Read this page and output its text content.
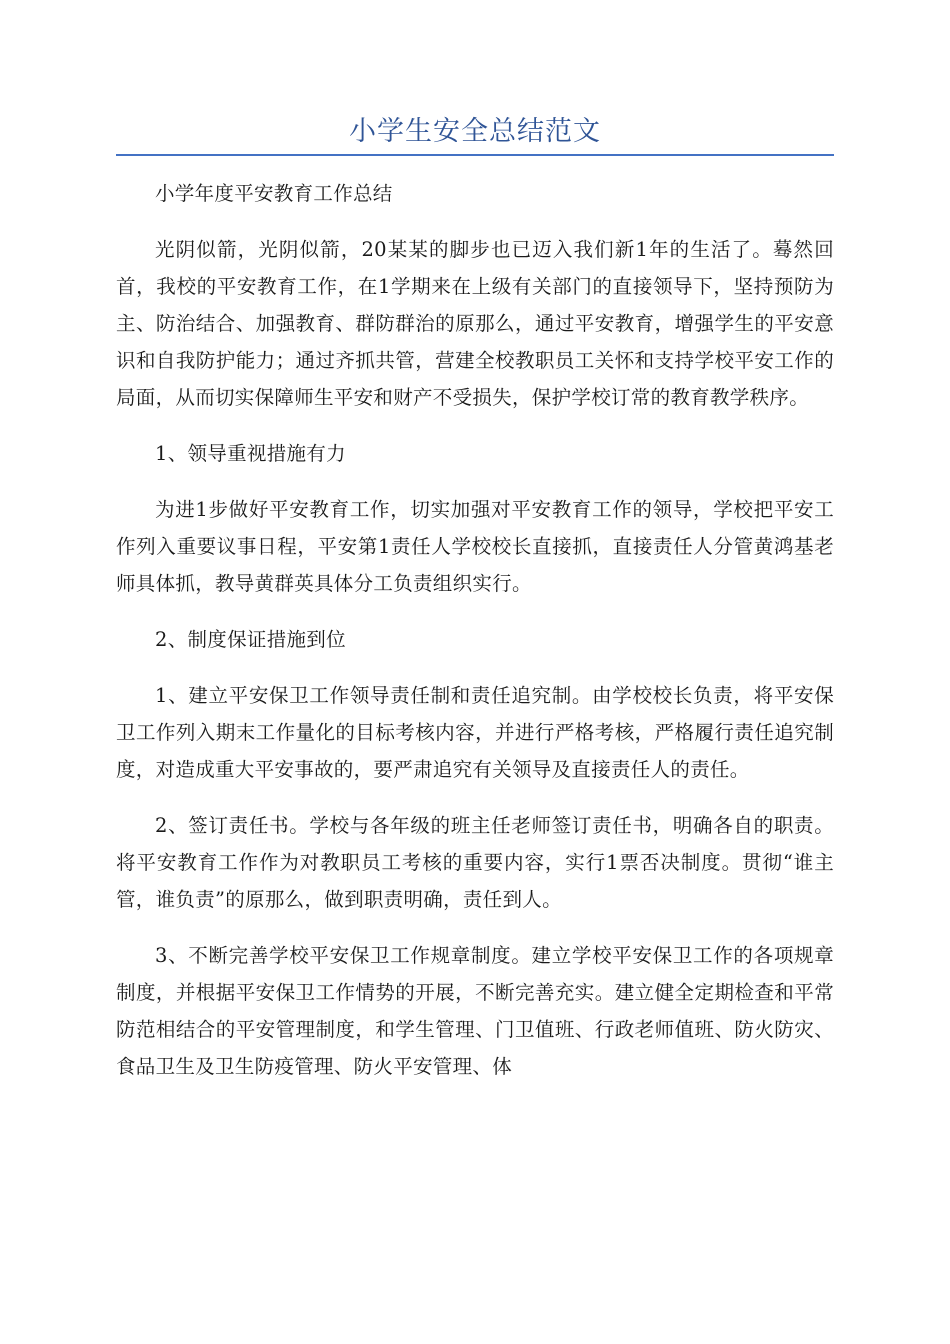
小学生安全总结范文

小学年度平安教育工作总结

光阴似箭，光阴似箭，20某某的脚步也已迈入我们新1年的生活了。蓦然回首，我校的平安教育工作，在1学期来在上级有关部门的直接领导下，坚持预防为主、防治结合、加强教育、群防群治的原那么，通过平安教育，增强学生的平安意识和自我防护能力；通过齐抓共管，营建全校教职员工关怀和支持学校平安工作的局面，从而切实保障师生平安和财产不受损失，保护学校订常的教育教学秩序。

1、领导重视措施有力

为进1步做好平安教育工作，切实加强对平安教育工作的领导，学校把平安工作列入重要议事日程，平安第1责任人学校校长直接抓，直接责任人分管黄鸿基老师具体抓，教导黄群英具体分工负责组织实行。

2、制度保证措施到位

1、建立平安保卫工作领导责任制和责任追究制。由学校校长负责，将平安保卫工作列入期末工作量化的目标考核内容，并进行严格考核，严格履行责任追究制度，对造成重大平安事故的，要严肃追究有关领导及直接责任人的责任。

2、签订责任书。学校与各年级的班主任老师签订责任书，明确各自的职责。将平安教育工作作为对教职员工考核的重要内容，实行1票否决制度。贯彻“谁主管，谁负责”的原那么，做到职责明确，责任到人。

3、不断完善学校平安保卫工作规章制度。建立学校平安保卫工作的各项规章制度，并根据平安保卫工作情势的开展，不断完善充实。建立健全定期检查和平常防范相结合的平安管理制度，和学生管理、门卫值班、行政老师值班、防火防灾、食品卫生及卫生防疫管理、防火平安管理、体
